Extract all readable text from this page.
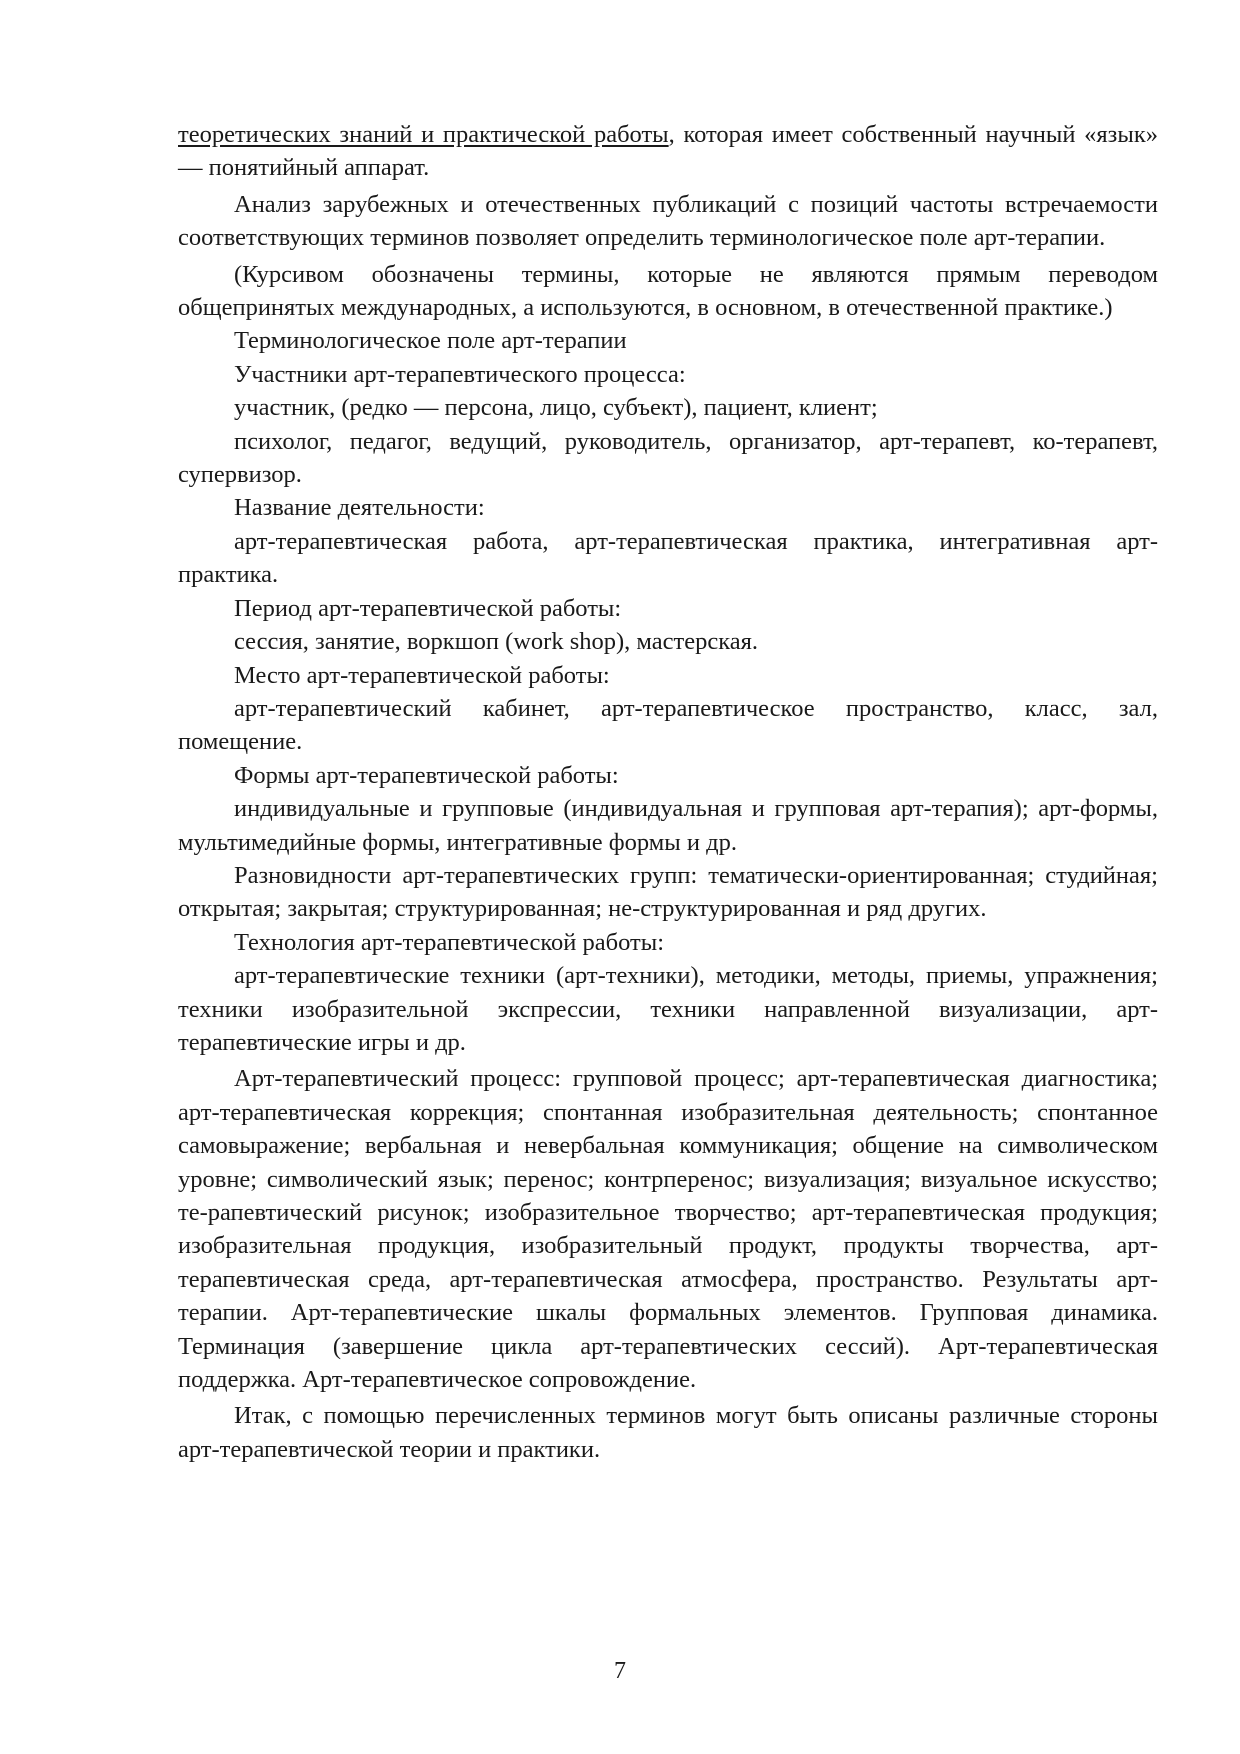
теоретических знаний и практической работы, которая имеет собственный научный «язык» — понятийный аппарат.

Анализ зарубежных и отечественных публикаций с позиций частоты встречаемости соответствующих терминов позволяет определить терминологическое поле арт-терапии.

(Курсивом обозначены термины, которые не являются прямым переводом общепринятых международных, а используются, в основном, в отечественной практике.)

Терминологическое поле арт-терапии

Участники арт-терапевтического процесса:

участник, (редко — персона, лицо, субъект), пациент, клиент;

психолог, педагог, ведущий, руководитель, организатор, арт-терапевт, ко-терапевт, супервизор.

Название деятельности:

арт-терапевтическая работа, арт-терапевтическая практика, интегративная арт-практика.

Период арт-терапевтической работы:

сессия, занятие, воркшоп (work shop), мастерская.

Место арт-терапевтической работы:

арт-терапевтический кабинет, арт-терапевтическое пространство, класс, зал, помещение.

Формы арт-терапевтической работы:

индивидуальные и групповые (индивидуальная и групповая арт-терапия); арт-формы, мультимедийные формы, интегративные формы и др.

Разновидности арт-терапевтических групп: тематически-ориентированная; студийная; открытая; закрытая; структурированная; не-структурированная и ряд других.

Технология арт-терапевтической работы:

арт-терапевтические техники (арт-техники), методики, методы, приемы, упражнения; техники изобразительной экспрессии, техники направленной визуализации, арт-терапевтические игры и др.

Арт-терапевтический процесс: групповой процесс; арт-терапевтическая диагностика; арт-терапевтическая коррекция; спонтанная изобразительная деятельность; спонтанное самовыражение; вербальная и невербальная коммуникация; общение на символическом уровне; символический язык; перенос; контрперенос; визуализация; визуальное искусство; те-рапевтический рисунок; изобразительное творчество; арт-терапевтическая продукция; изобразительная продукция, изобразительный продукт, продукты творчества, арт-терапевтическая среда, арт-терапевтическая атмосфера, пространство. Результаты арт-терапии. Арт-терапевтические шкалы формальных элементов. Групповая динамика. Терминация (завершение цикла арт-терапевтических сессий). Арт-терапевтическая поддержка. Арт-терапевтическое сопровождение.

Итак, с помощью перечисленных терминов могут быть описаны различные стороны арт-терапевтической теории и практики.

7
